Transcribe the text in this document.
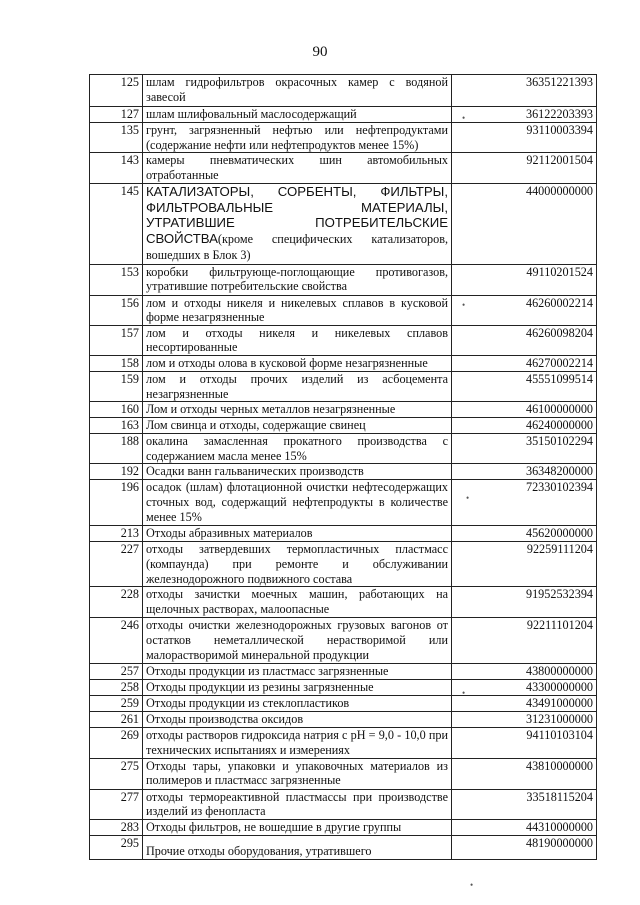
90
125	шлам гидрофильтров окрасочных камер с водяной завесой	36351221393
127	шлам шлифовальный маслосодержащий	36122203393
135	грунт, загрязненный нефтью или нефтепродуктами (содержание нефти или нефтепродуктов менее 15%)	93110003394
143	камеры пневматических шин автомобильных отработанные	92112001504
145	КАТАЛИЗАТОРЫ, СОРБЕНТЫ, ФИЛЬТРЫ, ФИЛЬТРОВАЛЬНЫЕ МАТЕРИАЛЫ, УТРАТИВШИЕ ПОТРЕБИТЕЛЬСКИЕ СВОЙСТВА(кроме специфических катализаторов, вошедших в Блок 3)	44000000000
153	коробки фильтрующе-поглощающие противогазов, утратившие потребительские свойства	49110201524
156	лом и отходы никеля и никелевых сплавов в кусковой форме незагрязненные	46260002214
157	лом и отходы никеля и никелевых сплавов несортированные	46260098204
158	лом и отходы олова в кусковой форме незагрязненные	46270002214
159	лом и отходы прочих изделий из асбоцемента незагрязненные	45551099514
160	Лом и отходы черных металлов незагрязненные	46100000000
163	Лом свинца и отходы, содержащие свинец	46240000000
188	окалина замасленная прокатного производства с содержанием масла менее 15%	35150102294
192	Осадки ванн гальванических производств	36348200000
196	осадок (шлам) флотационной очистки нефтесодержащих сточных вод, содержащий нефтепродукты в количестве менее 15%	72330102394
213	Отходы абразивных материалов	45620000000
227	отходы затвердевших термопластичных пластмасс (компаунда) при ремонте и обслуживании железнодорожного подвижного состава	92259111204
228	отходы зачистки моечных машин, работающих на щелочных растворах, малоопасные	91952532394
246	отходы очистки железнодорожных грузовых вагонов от остатков неметаллической нерастворимой или малорастворимой минеральной продукции	92211101204
257	Отходы продукции из пластмасс загрязненные	43800000000
258	Отходы продукции из резины загрязненные	43300000000
259	Отходы продукции из стеклопластиков	43491000000
261	Отходы производства оксидов	31231000000
269	отходы растворов гидроксида натрия с pH = 9,0 - 10,0 при технических испытаниях и измерениях	94110103104
275	Отходы тары, упаковки и упаковочных материалов из полимеров и пластмасс загрязненные	43810000000
277	отходы термореактивной пластмассы при производстве изделий из фенопласта	33518115204
283	Отходы фильтров, не вошедшие в другие группы	44310000000
295	Прочие отходы оборудования, утратившего	48190000000
•
•
•
•
•
